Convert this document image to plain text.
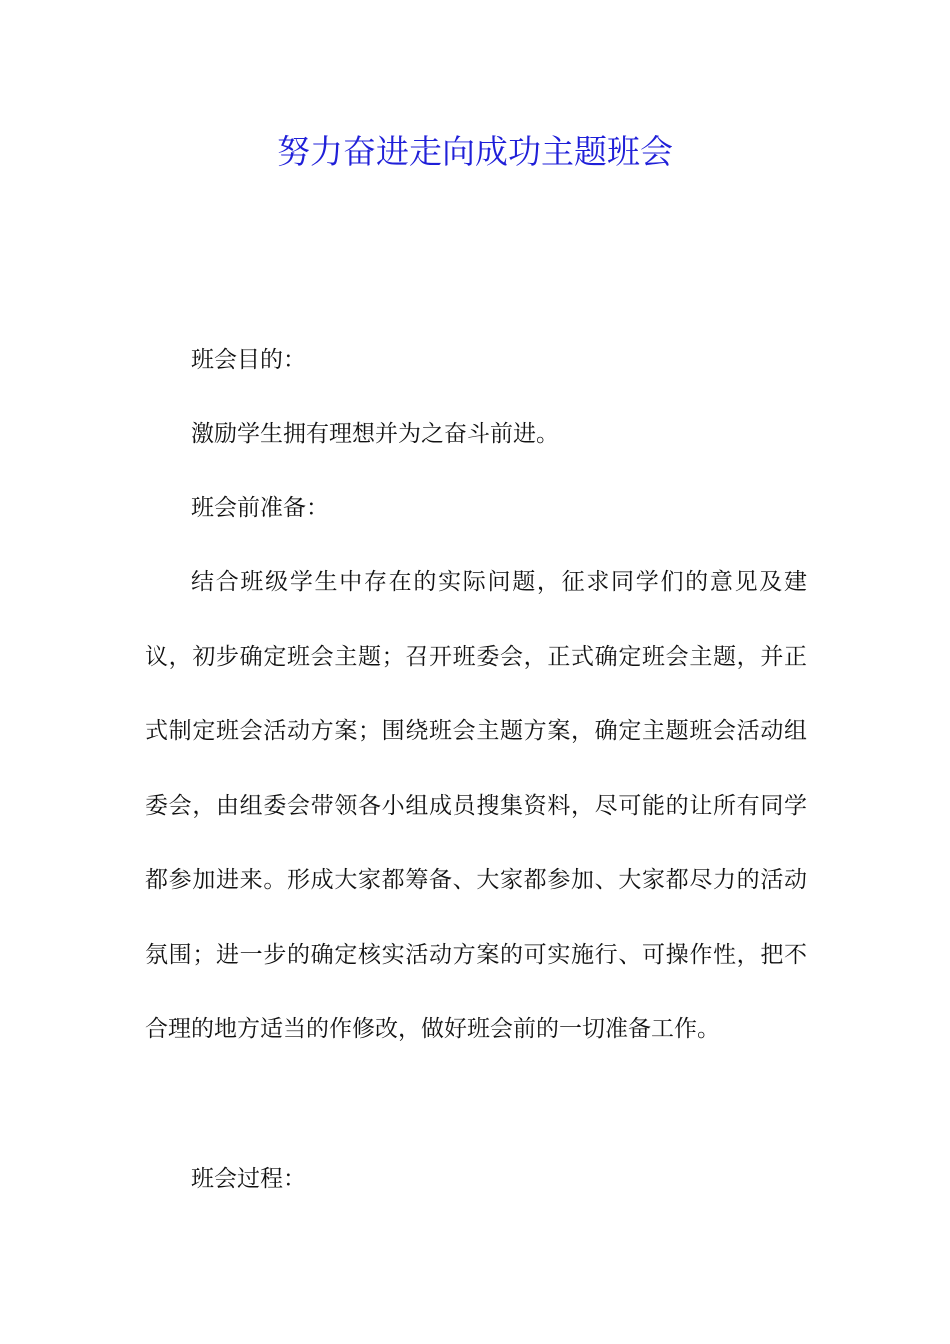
努力奋进走向成功主题班会

班会目的：

激励学生拥有理想并为之奋斗前进。

班会前准备：

结合班级学生中存在的实际问题，征求同学们的意见及建议，初步确定班会主题；召开班委会，正式确定班会主题，并正式制定班会活动方案；围绕班会主题方案，确定主题班会活动组委会，由组委会带领各小组成员搜集资料，尽可能的让所有同学都参加进来。形成大家都筹备、大家都参加、大家都尽力的活动氛围；进一步的确定核实活动方案的可实施行、可操作性，把不合理的地方适当的作修改，做好班会前的一切准备工作。

班会过程：
